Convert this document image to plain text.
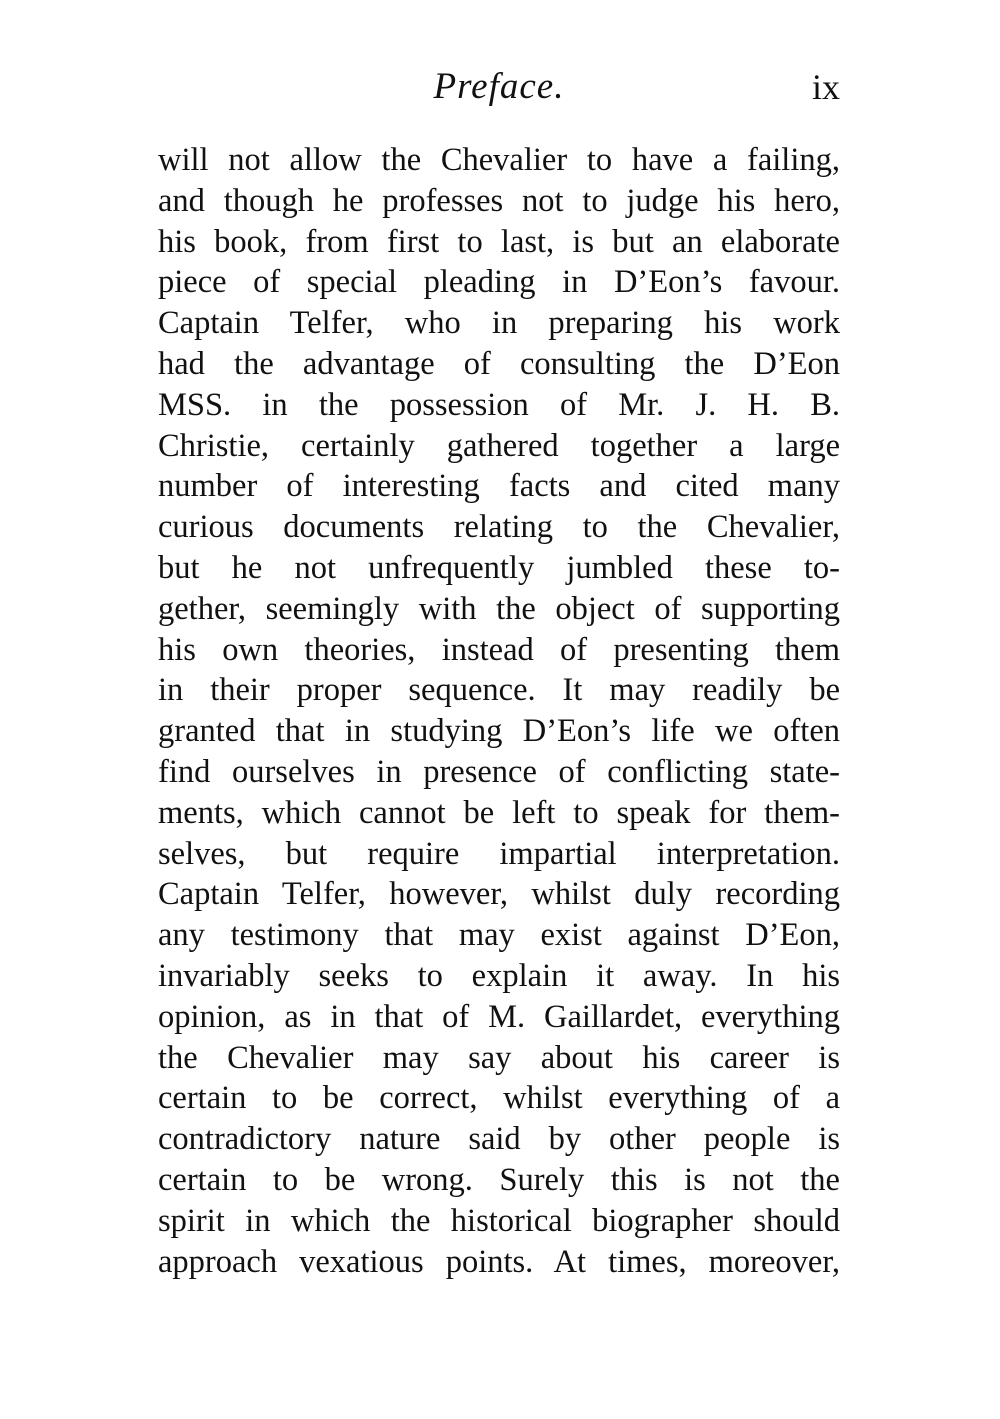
Preface.	ix
will not allow the Chevalier to have a failing,
and though he professes not to judge his hero,
his book, from first to last, is but an elaborate
piece of special pleading in D’Eon’s favour.
Captain Telfer, who in preparing his work
had the advantage of consulting the D’Eon
MSS. in the possession of Mr. J. H. B.
Christie, certainly gathered together a large
number of interesting facts and cited many
curious documents relating to the Chevalier,
but he not unfrequently jumbled these to-
gether, seemingly with the object of supporting
his own theories, instead of presenting them
in their proper sequence. It may readily be
granted that in studying D’Eon’s life we often
find ourselves in presence of conflicting state-
ments, which cannot be left to speak for them-
selves, but require impartial interpretation.
Captain Telfer, however, whilst duly recording
any testimony that may exist against D’Eon,
invariably seeks to explain it away. In his
opinion, as in that of M. Gaillardet, everything
the Chevalier may say about his career is
certain to be correct, whilst everything of a
contradictory nature said by other people is
certain to be wrong. Surely this is not the
spirit in which the historical biographer should
approach vexatious points. At times, moreover,
